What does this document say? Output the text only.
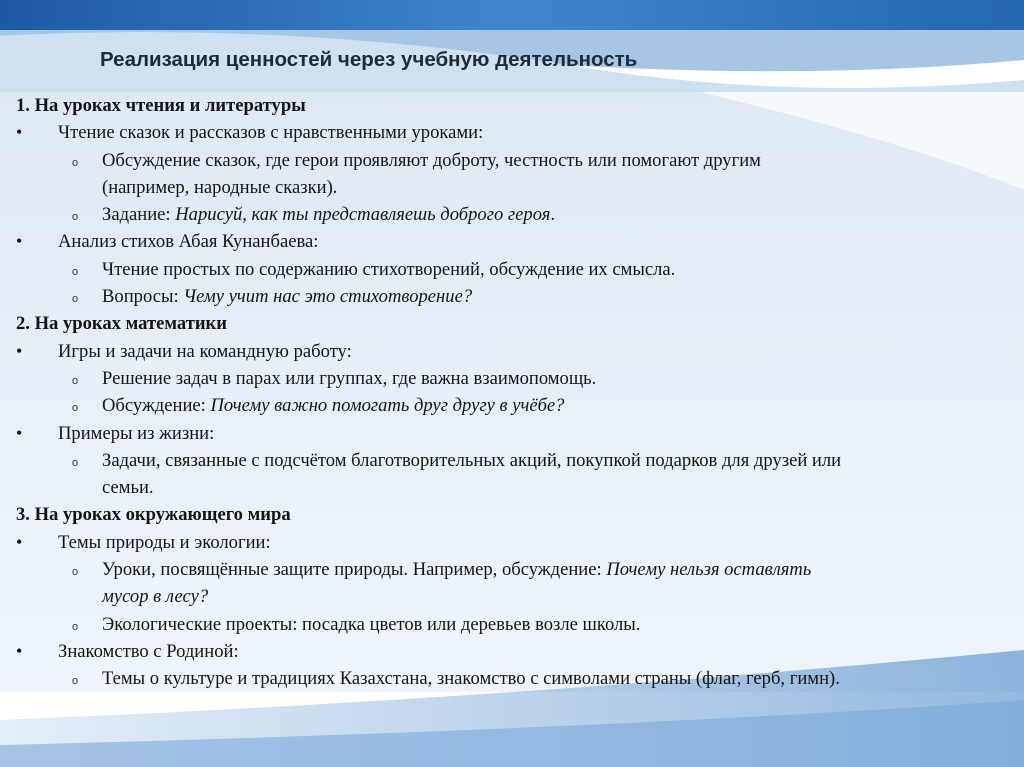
Реализация ценностей через учебную деятельность
1. На уроках чтения и литературы
•	Чтение сказок и рассказов с нравственными уроками:
o	Обсуждение сказок, где герои проявляют доброту, честность или помогают другим
(например, народные сказки).
o	Задание: Нарисуй, как ты представляешь доброго героя.
•	Анализ стихов Абая Кунанбаева:
o	Чтение простых по содержанию стихотворений, обсуждение их смысла.
o	Вопросы: Чему учит нас это стихотворение?
2. На уроках математики
•	Игры и задачи на командную работу:
o	Решение задач в парах или группах, где важна взаимопомощь.
o	Обсуждение: Почему важно помогать друг другу в учёбе?
•	Примеры из жизни:
o	Задачи, связанные с подсчётом благотворительных акций, покупкой подарков для друзей или
семьи.
3. На уроках окружающего мира
•	Темы природы и экологии:
o	Уроки, посвящённые защите природы. Например, обсуждение: Почему нельзя оставлять
мусор в лесу?
o	Экологические проекты: посадка цветов или деревьев возле школы.
•	Знакомство с Родиной:
o	Темы о культуре и традициях Казахстана, знакомство с символами страны (флаг, герб, гимн).
